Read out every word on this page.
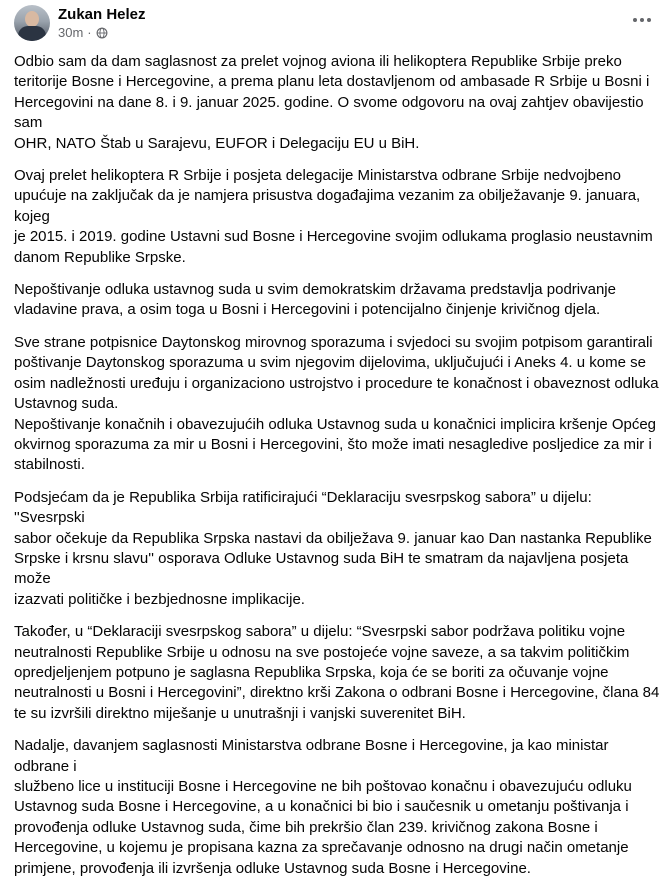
Zukan Helez
30m ·

Odbio sam da dam saglasnost za prelet vojnog aviona ili helikoptera Republike Srbije preko
teritorije Bosne i Hercegovine, a prema planu leta dostavljenom od ambasade R Srbije u Bosni i
Hercegovini na dane 8. i 9. januar 2025. godine. O svome odgovoru na ovaj zahtjev obavijestio sam
OHR, NATO Štab u Sarajevu, EUFOR i Delegaciju EU u BiH.

Ovaj prelet helikoptera R Srbije i posjeta delegacije Ministarstva odbrane Srbije nedvojbeno
upućuje na zaključak da je namjera prisustva događajima vezanim za obilježavanje 9. januara, kojeg
je 2015. i 2019. godine Ustavni sud Bosne i Hercegovine svojim odlukama proglasio neustavnim
danom Republike Srpske.

Nepoštivanje odluka ustavnog suda u svim demokratskim državama predstavlja podrivanje
vladavine prava, a osim toga u Bosni i Hercegovini i potencijalno činjenje krivičnog djela.

Sve strane potpisnice Daytonskog mirovnog sporazuma i svjedoci su svojim potpisom garantirali
poštivanje Daytonskog sporazuma u svim njegovim dijelovima, uključujući i Aneks 4. u kome se
osim nadležnosti uređuju i organizaciono ustrojstvo i procedure te konačnost i obaveznost odluka
Ustavnog suda.

Nepoštivanje konačnih i obavezujućih odluka Ustavnog suda u konačnici implicira kršenje Općeg
okvirnog sporazuma za mir u Bosni i Hercegovini, što može imati nesagledive posljedice za mir i
stabilnosti.

Podsjećam da je Republika Srbija ratificirajući “Deklaraciju svesrpskog sabora” u dijelu: ''Svesrpski
sabor očekuje da Republika Srpska nastavi da obilježava 9. januar kao Dan nastanka Republike
Srpske i krsnu slavu'' osporava Odluke Ustavnog suda BiH te smatram da najavljena posjeta može
izazvati političke i bezbjednosne implikacije.

Također, u “Deklaraciji svesrpskog sabora” u dijelu: “Svesrpski sabor podržava politiku vojne
neutralnosti Republike Srbije u odnosu na sve postojeće vojne saveze, a sa takvim političkim
opredjeljenjem potpuno je saglasna Republika Srpska, koja će se boriti za očuvanje vojne
neutralnosti u Bosni i Hercegovini”, direktno krši Zakona o odbrani Bosne i Hercegovine, člana 84
te su izvršili direktno miješanje u unutrašnji i vanjski suverenitet BiH.

Nadalje, davanjem saglasnosti Ministarstva odbrane Bosne i Hercegovine, ja kao ministar odbrane i
službeno lice u instituciji Bosne i Hercegovine ne bih poštovao konačnu i obavezujuću odluku
Ustavnog suda Bosne i Hercegovine, a u konačnici bi bio i saučesnik u ometanju poštivanja i
provođenja odluke Ustavnog suda, čime bih prekršio član 239. krivičnog zakona Bosne i
Hercegovine, u kojemu je propisana kazna za sprečavanje odnosno na drugi način ometanje
primjene, provođenja ili izvršenja odluke Ustavnog suda Bosne i Hercegovine.
